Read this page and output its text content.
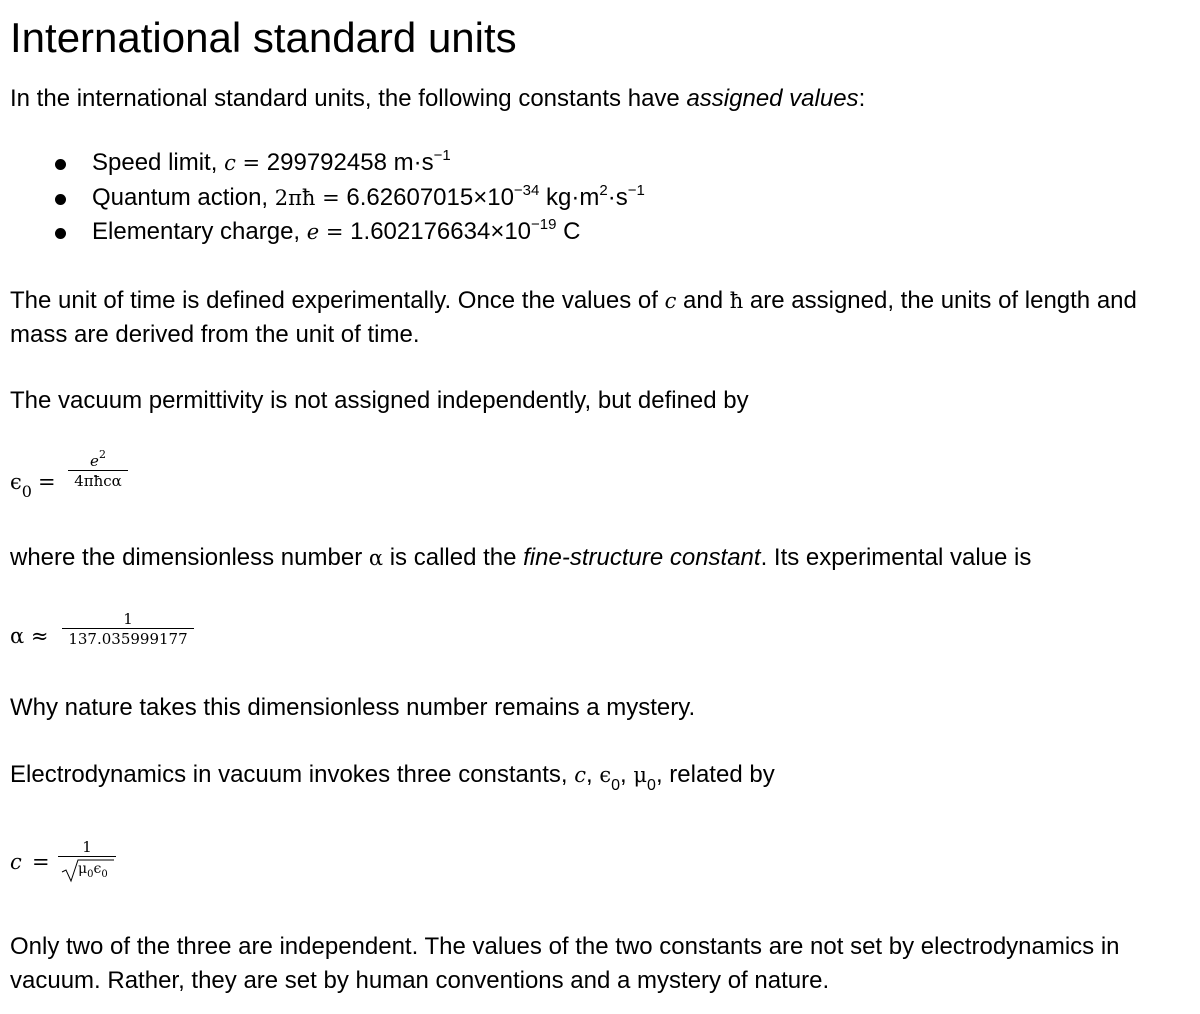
International standard units
In the international standard units, the following constants have assigned values:
Speed limit, c = 299792458 $m\cdot s^{-1}$
Quantum action, 2πħ = $6.62607015\times 10^{-34}$ $kg\cdot m^2\cdot s^{-1}$
Elementary charge, $e = 1.602176634\times 10^{-19}$ C
The unit of time is defined experimentally. Once the values of c and ħ are assigned, the units of length and mass are derived from the unit of time.
The vacuum permittivity is not assigned independently, but defined by
$\epsilon_0$ =
$e^2$
4πħcα
where the dimensionless number α is called the fine-structure constant. Its experimental value is
α ≈
1
137.035999177
Why nature takes this dimensionless number remains a mystery.
Electrodynamics in vacuum invokes three constants, c, $\epsilon_0$, $\mu_0$, related by
c =
1
$\mu_0\epsilon_0$
Only two of the three are independent. The values of the two constants are not set by electrodynamics in vacuum. Rather, they are set by human conventions and a mystery of nature.
